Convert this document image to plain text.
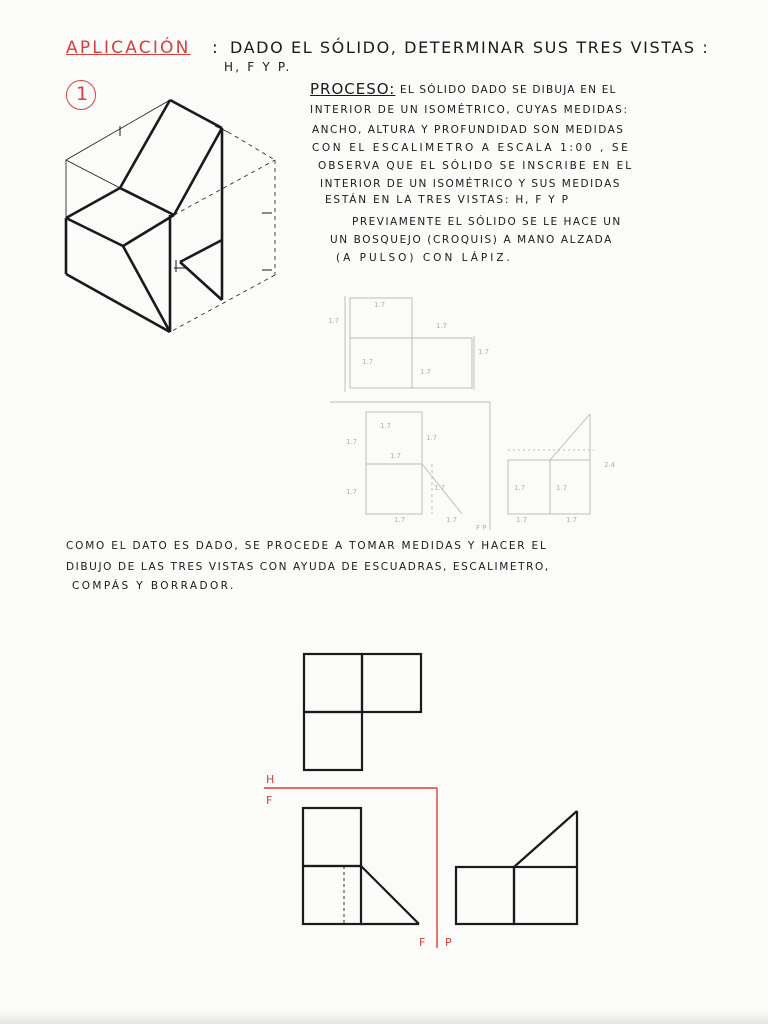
APLICACIÓN : DADO EL SÓLIDO, DETERMINAR SUS TRES VISTAS :
H, F Y P.
1	PROCESO: EL SÓLIDO DADO SE DIBUJA EN EL
INTERIOR DE UN ISOMÉTRICO, CUYAS MEDIDAS:
ANCHO, ALTURA Y PROFUNDIDAD SON MEDIDAS
CON EL ESCALIMETRO A ESCALA 1:00 , SE
OBSERVA QUE EL SÓLIDO SE INSCRIBE EN EL
INTERIOR DE UN ISOMÉTRICO Y SUS MEDIDAS
ESTÁN EN LA TRES VISTAS: H, F Y P
PREVIAMENTE EL SÓLIDO SE LE HACE UN
UN BOSQUEJO (CROQUIS) A MANO ALZADA
(A PULSO) CON LÁPIZ.
1.7
1.7
1.7
1.7
1.7
1.7
1.7
1.7
1.7
1.7
1.7	1.7
1.7	1.7
1.7	1.7
1.7	1.7
2.4
F P
COMO EL DATO ES DADO, SE PROCEDE A TOMAR MEDIDAS Y HACER EL
DIBUJO DE LAS TRES VISTAS CON AYUDA DE ESCUADRAS, ESCALIMETRO,
COMPÁS Y BORRADOR.
H
F
F P
